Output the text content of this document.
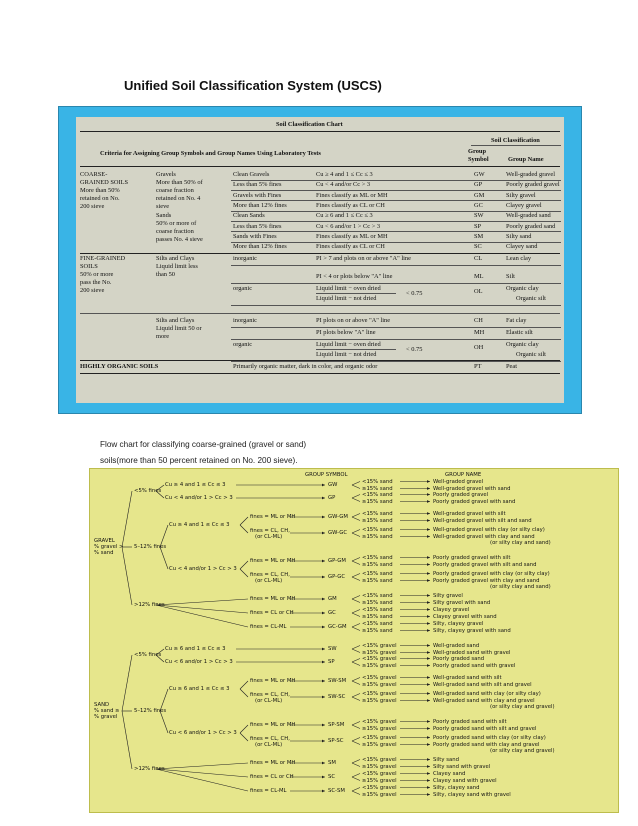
Unified Soil Classification System (USCS)
Soil Classification Chart
Soil Classification
Criteria for Assigning Group Symbols and Group Names Using Laboratory Tests	Group
Symbol	Group Name
COARSE-
GRAINED SOILS
More than 50%
retained on No.
200 sieve
Gravels
More than 50% of
coarse fraction
retained on No. 4
sieve
Sands
50% or more of
coarse fraction
passes No. 4 sieve
Clean Gravels	Cu ≥ 4 and 1 ≤ Cc ≤ 3	GW	Well-graded gravel
Less than 5% fines	Cu < 4 and/or Cc > 3	GP	Poorly graded gravel
Gravels with Fines	Fines classify as ML or MH	GM	Silty gravel
More than 12% fines	Fines classify as CL or CH	GC	Clayey gravel
Clean Sands	Cu ≥ 6 and 1 ≤ Cc ≤ 3	SW	Well-graded sand
Less than 5% fines	Cu < 6 and/or 1 > Cc > 3	SP	Poorly graded sand
Sands with Fines	Fines classify as ML or MH	SM	Silty sand
More than 12% fines	Fines classify as CL or CH	SC	Clayey sand
FINE-GRAINED
SOILS
50% or more
pass the No.
200 sieve
Silts and Clays
Liquid limit less
than 50
Silts and Clays
Liquid limit 50 or
more
inorganic	PI > 7 and plots on or above "A" line	CL	Lean clay
PI < 4 or plots below "A" line	ML	Silt
organic	Liquid limit − oven dried
Liquid limit − not dried
< 0.75	OL	Organic clay
Organic silt
inorganic	PI plots on or above "A" line	CH	Fat clay
PI plots below "A" line	MH	Elastic silt
organic	Liquid limit − oven dried
Liquid limit − not dried
< 0.75	OH	Organic clay
Organic silt
HIGHLY ORGANIC SOILS	Primarily organic matter, dark in color, and organic odor	PT	Peat
Flow chart for classifying coarse-grained (gravel or sand)
soils(more than 50 percent retained on No. 200 sieve).
GROUP SYMBOL	GROUP NAME
GRAVEL
% gravel >
% sand
<5% fines
5–12% fines
>12% fines
Cu ≥ 4 and 1 ≤ Cc ≤ 3
Cu < 4 and/or 1 > Cc > 3
Cu ≥ 4 and 1 ≤ Cc ≤ 3
Cu < 4 and/or 1 > Cc > 3
fines = ML or MH
fines = CL, CH,
(or CL-ML)
fines = ML or MH
fines = CL, CH,
(or CL-ML)
fines = ML or MH
fines = CL or CH
fines = CL-ML
GW
GP
GW-GM
GW-GC
GP-GM
GP-GC
GM
GC
GC-GM
<15% sand
≥15% sand
Well-graded gravel
Well-graded gravel with sand
<15% sand
≥15% sand
Poorly graded gravel
Poorly graded gravel with sand
<15% sand
≥15% sand
Well-graded gravel with silt
Well-graded gravel with silt and sand
<15% sand
≥15% sand
Well-graded gravel with clay (or silty clay)
Well-graded gravel with clay and sand
<15% sand
≥15% sand
Poorly graded gravel with silt
Poorly graded gravel with silt and sand
<15% sand
≥15% sand
Poorly graded gravel with clay (or silty clay)
Poorly graded gravel with clay and sand
<15% sand
≥15% sand
Silty gravel
Silty gravel with sand
<15% sand
≥15% sand
Clayey gravel
Clayey gravel with sand
<15% sand
≥15% sand
Silty, clayey gravel
Silty, clayey gravel with sand
(or silty clay and sand)
(or silty clay and sand)
SAND
% sand ≥
% gravel
<5% fines
5–12% fines
>12% fines
Cu ≥ 6 and 1 ≤ Cc ≤ 3
Cu < 6 and/or 1 > Cc > 3
Cu ≥ 6 and 1 ≤ Cc ≤ 3
Cu < 6 and/or 1 > Cc > 3
fines = ML or MH
fines = CL, CH,
(or CL-ML)
fines = ML or MH
fines = CL, CH,
(or CL-ML)
fines = ML or MH
fines = CL or CH
fines = CL-ML
SW
SP
SW-SM
SW-SC
SP-SM
SP-SC
SM
SC
SC-SM
<15% gravel
≥15% gravel
Well-graded sand
Well-graded sand with gravel
<15% gravel
≥15% gravel
Poorly graded sand
Poorly graded sand with gravel
<15% gravel
≥15% gravel
Well-graded sand with silt
Well-graded sand with silt and gravel
<15% gravel
≥15% gravel
Well-graded sand with clay (or silty clay)
Well-graded sand with clay and gravel
<15% gravel
≥15% gravel
Poorly graded sand with silt
Poorly graded sand with silt and gravel
<15% gravel
≥15% gravel
Poorly graded sand with clay (or silty clay)
Poorly graded sand with clay and gravel
<15% gravel
≥15% gravel
Silty sand
Silty sand with gravel
<15% gravel
≥15% gravel
Clayey sand
Clayey sand with gravel
<15% gravel
≥15% gravel
Silty, clayey sand
Silty, clayey sand with gravel
(or silty clay and gravel)
(or silty clay and gravel)
